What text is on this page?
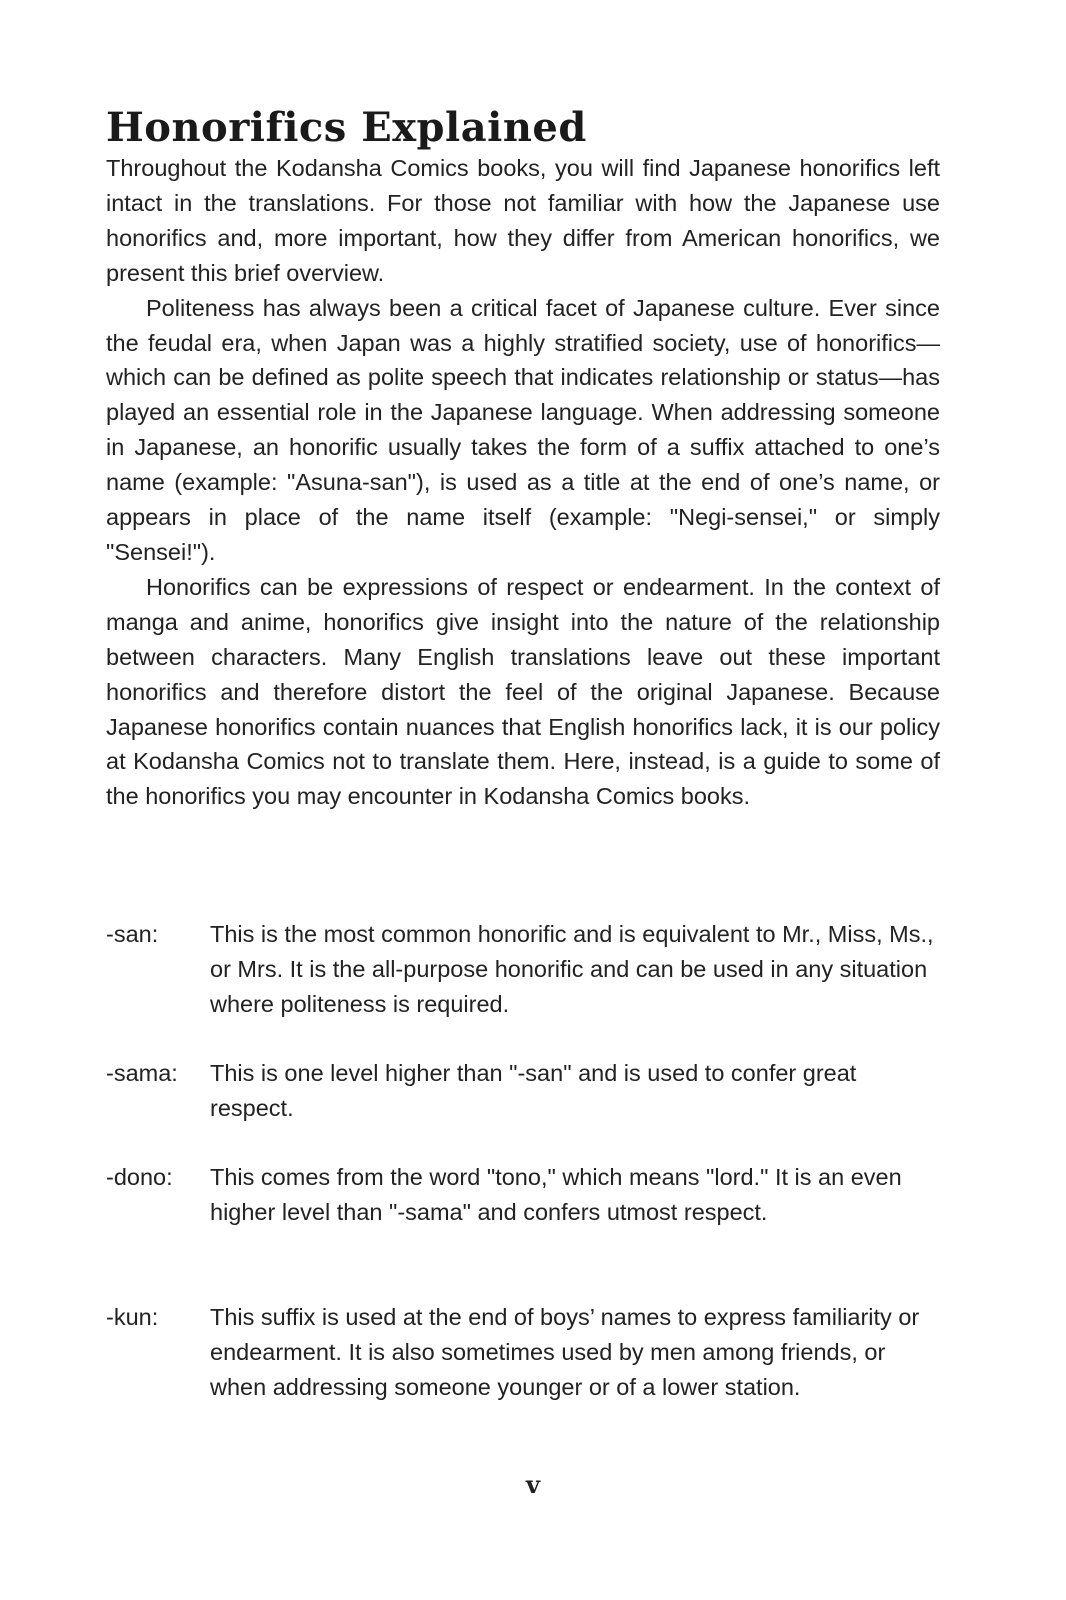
Honorifics Explained

Throughout the Kodansha Comics books, you will find Japanese honorifics left intact in the translations. For those not familiar with how the Japanese use honorifics and, more important, how they differ from American honorifics, we present this brief overview.

Politeness has always been a critical facet of Japanese culture. Ever since the feudal era, when Japan was a highly stratified society, use of honorifics—which can be defined as polite speech that indicates relationship or status—has played an essential role in the Japanese language. When addressing someone in Japanese, an honorific usually takes the form of a suffix attached to one’s name (example: "Asuna-san"), is used as a title at the end of one’s name, or appears in place of the name itself (example: "Negi-sensei," or simply "Sensei!").

Honorifics can be expressions of respect or endearment. In the context of manga and anime, honorifics give insight into the nature of the relationship between characters. Many English translations leave out these important honorifics and therefore distort the feel of the original Japanese. Because Japanese honorifics contain nuances that English honorifics lack, it is our policy at Kodansha Comics not to translate them. Here, instead, is a guide to some of the honorifics you may encounter in Kodansha Comics books.

-san:	This is the most common honorific and is equivalent to Mr., Miss, Ms., or Mrs. It is the all-purpose honorific and can be used in any situation where politeness is required.
-sama:	This is one level higher than "-san" and is used to confer great respect.
-dono:	This comes from the word "tono," which means "lord." It is an even higher level than "-sama" and confers utmost respect.
-kun:	This suffix is used at the end of boys’ names to express familiarity or endearment. It is also sometimes used by men among friends, or when addressing someone younger or of a lower station.
v
